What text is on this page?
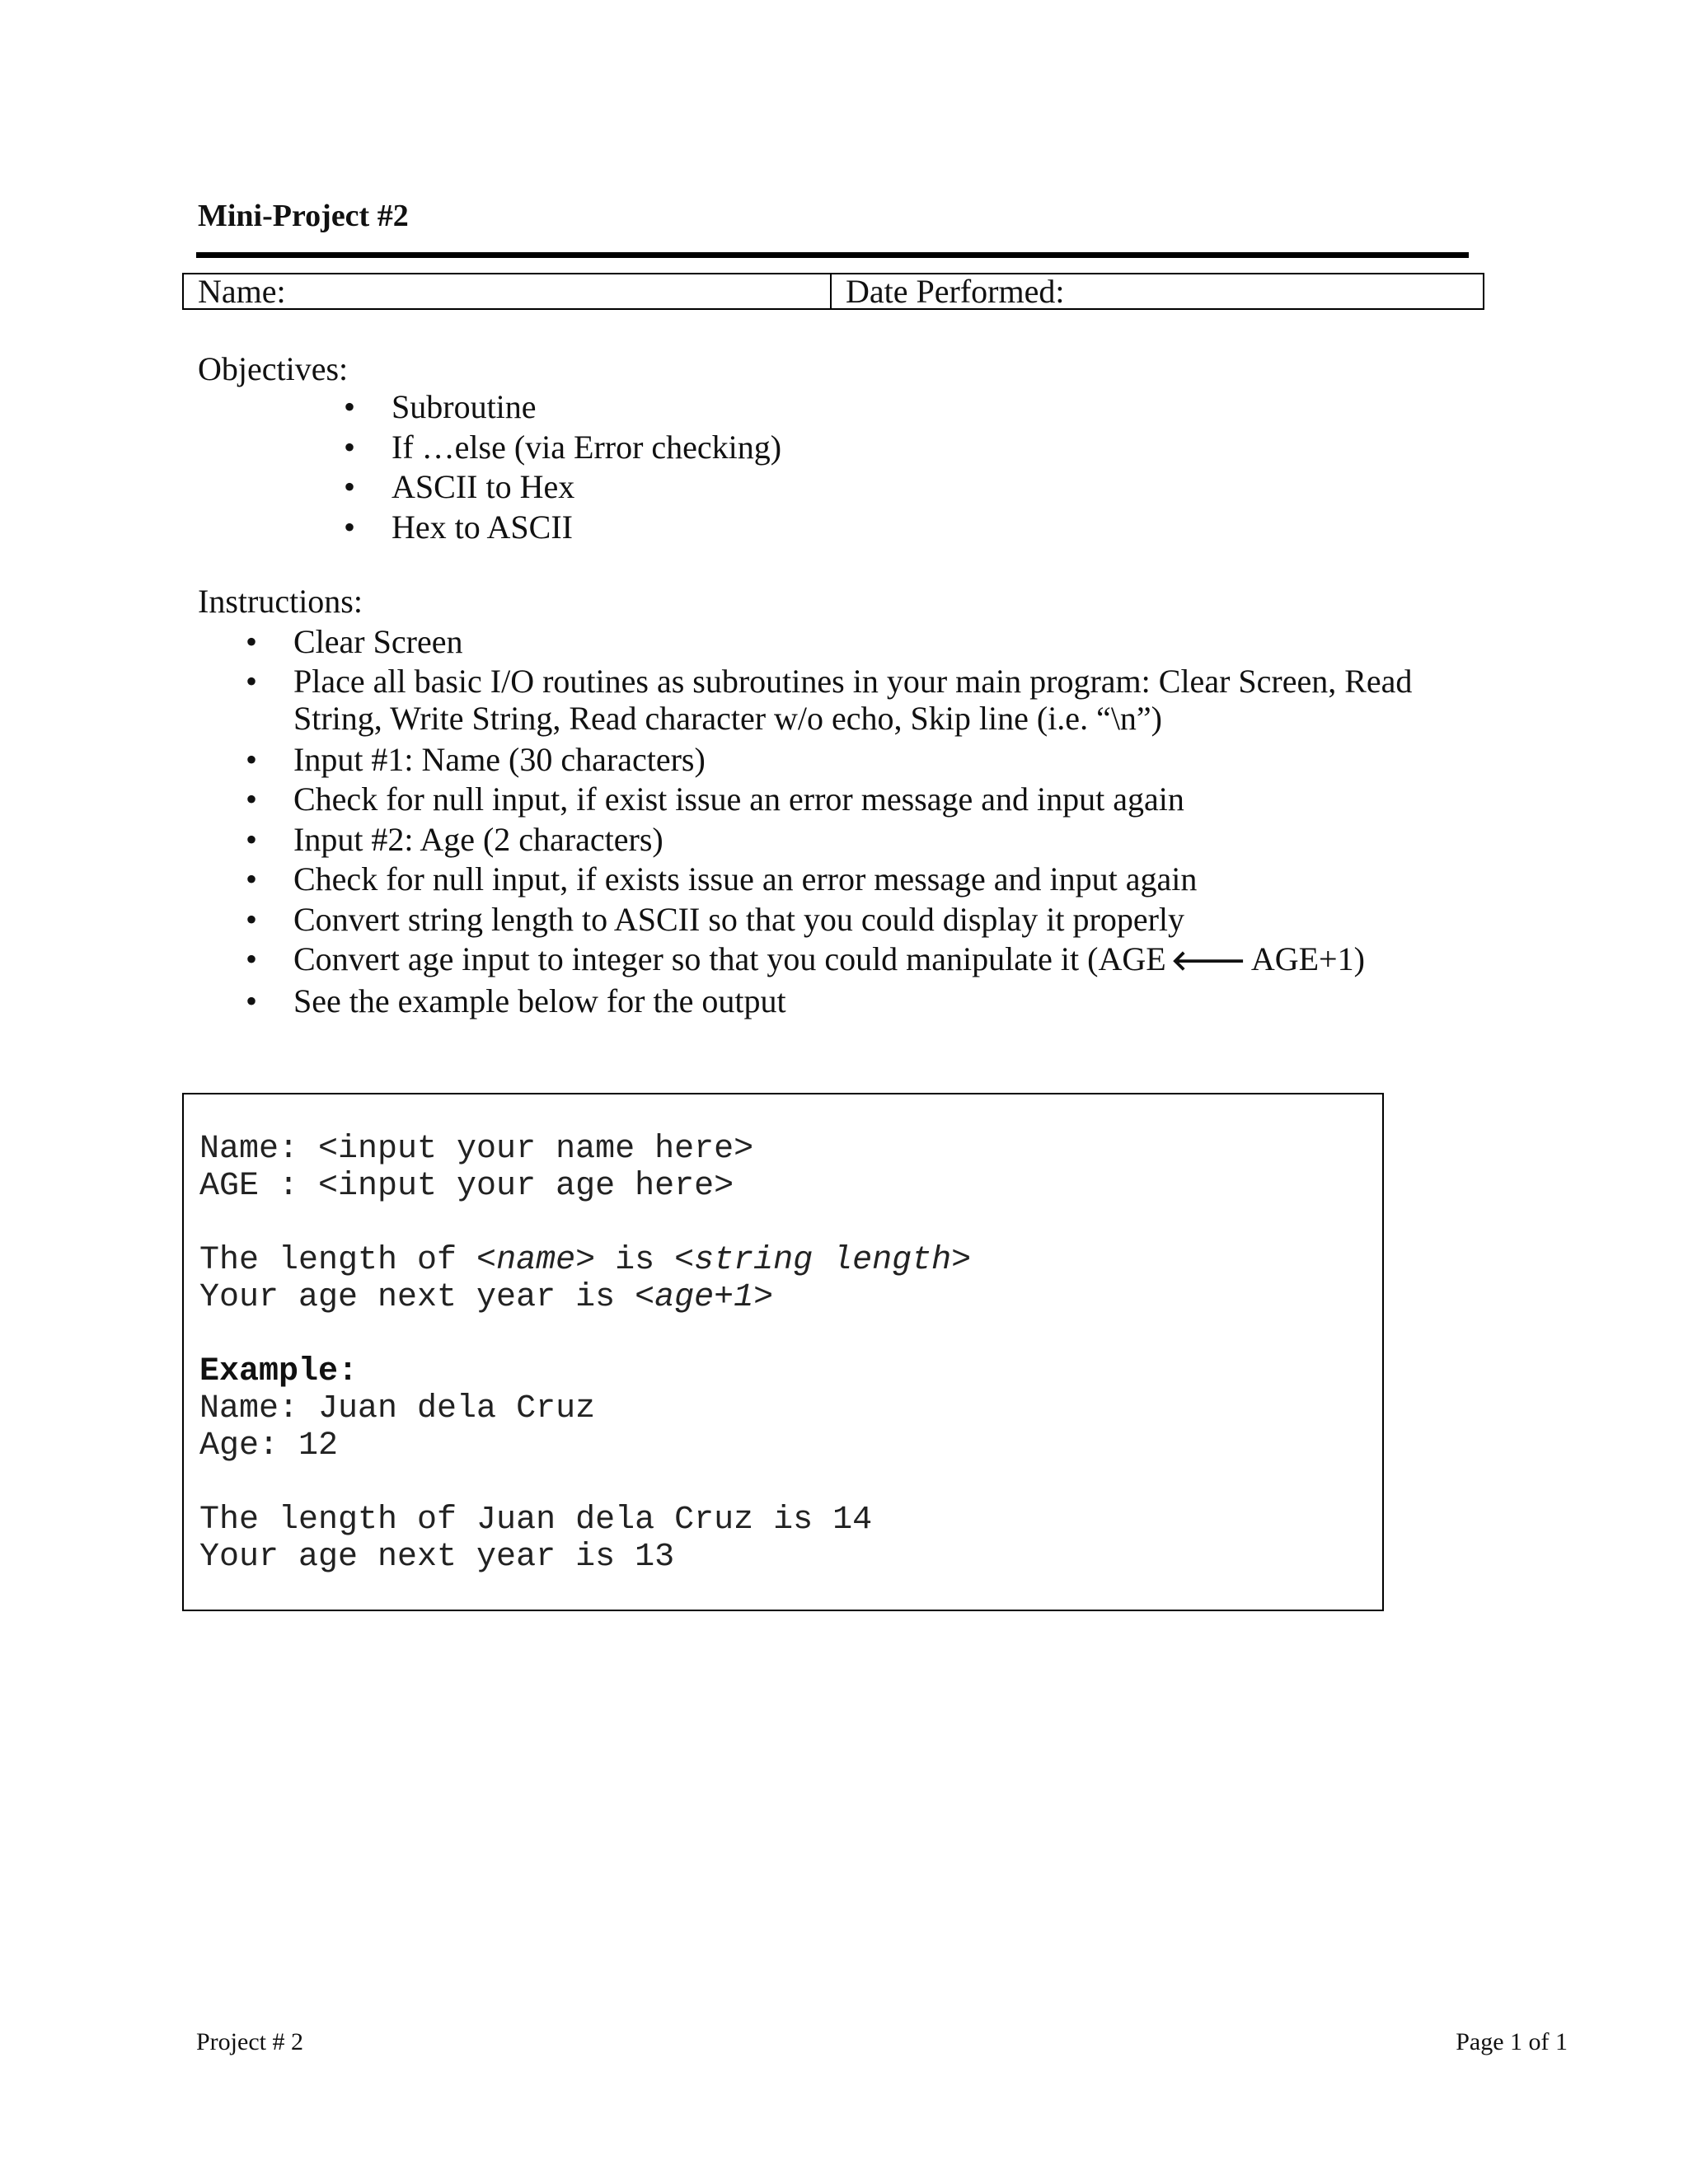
Mini-Project #2
Name:	Date Performed:
Objectives:
• Subroutine
• If …else (via Error checking)
• ASCII to Hex
• Hex to ASCII
Instructions:
• Clear Screen
• Place all basic I/O routines as subroutines in your main program: Clear Screen, Read String, Write String, Read character w/o echo, Skip line (i.e. “\n”)
• Input #1: Name (30 characters)
• Check for null input, if exist issue an error message and input again
• Input #2: Age (2 characters)
• Check for null input, if exists issue an error message and input again
• Convert string length to ASCII so that you could display it properly
• Convert age input to integer so that you could manipulate it (AGE 🡐 AGE+1)
• See the example below for the output
Name: <input your name here>
AGE : <input your age here>
The length of <name> is <string length>
Your age next year is <age+1>
Example:
Name: Juan dela Cruz
Age: 12
The length of Juan dela Cruz is 14
Your age next year is 13
Project # 2	Page 1 of 1
